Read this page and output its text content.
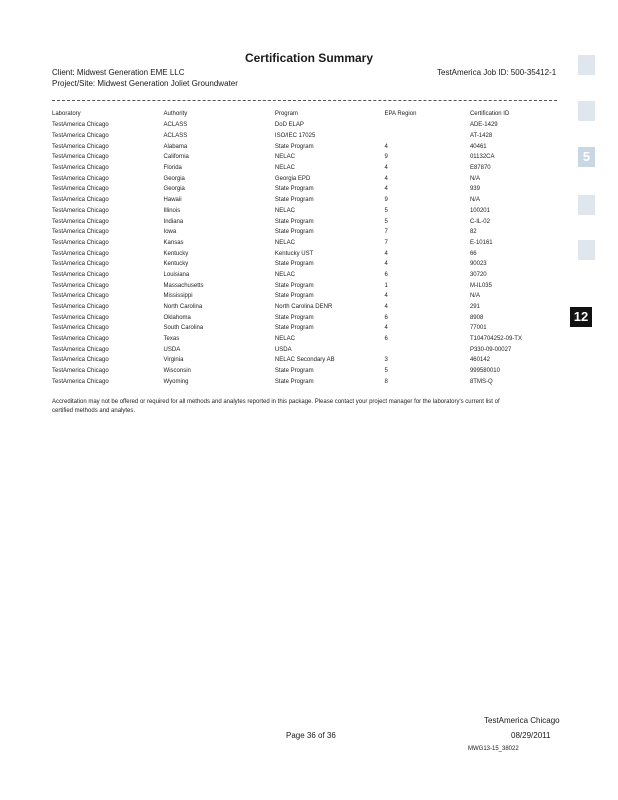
Certification Summary
Client: Midwest Generation EME LLC	TestAmerica Job ID: 500-35412-1
Project/Site: Midwest Generation Joliet Groundwater
Laboratory	Authority	Program	EPA Region	Certification ID
TestAmerica Chicago	ACLASS	DoD ELAP		ADE-1429
TestAmerica Chicago	ACLASS	ISO/IEC 17025		AT-1428
TestAmerica Chicago	Alabama	State Program	4	40461
TestAmerica Chicago	California	NELAC	9	01132CA
TestAmerica Chicago	Florida	NELAC	4	E87870
TestAmerica Chicago	Georgia	Georgia EPD	4	N/A
TestAmerica Chicago	Georgia	State Program	4	939
TestAmerica Chicago	Hawaii	State Program	9	N/A
TestAmerica Chicago	Illinois	NELAC	5	100201
TestAmerica Chicago	Indiana	State Program	5	C-IL-02
TestAmerica Chicago	Iowa	State Program	7	82
TestAmerica Chicago	Kansas	NELAC	7	E-10161
TestAmerica Chicago	Kentucky	Kentucky UST	4	66
TestAmerica Chicago	Kentucky	State Program	4	90023
TestAmerica Chicago	Louisiana	NELAC	6	30720
TestAmerica Chicago	Massachusetts	State Program	1	M-IL035
TestAmerica Chicago	Mississippi	State Program	4	N/A
TestAmerica Chicago	North Carolina	North Carolina DENR	4	291
TestAmerica Chicago	Oklahoma	State Program	6	8908
TestAmerica Chicago	South Carolina	State Program	4	77001
TestAmerica Chicago	Texas	NELAC	6	T104704252-09-TX
TestAmerica Chicago	USDA	USDA		P330-09-00027
TestAmerica Chicago	Virginia	NELAC Secondary AB	3	460142
TestAmerica Chicago	Wisconsin	State Program	5	999580010
TestAmerica Chicago	Wyoming	State Program	8	8TMS-Q
Accreditation may not be offered or required for all methods and analytes reported in this package. Please contact your project manager for the laboratory's current list of certified methods and analytes.
5
12
TestAmerica Chicago
Page 36 of 36	08/29/2011
MWG13-15_38022
